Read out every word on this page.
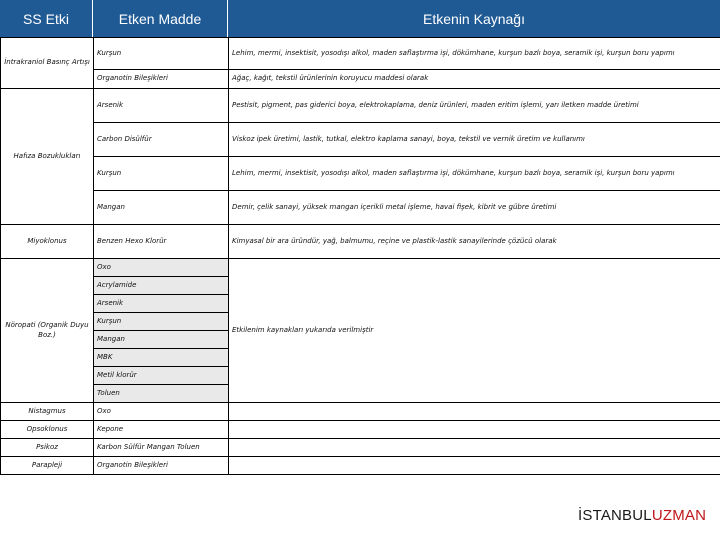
SS Etki	Etken Madde	Etkenin Kaynağı
İntrakraniol Basınç Artışı	Kurşun	Lehim, mermi, insektisit, yosodışı alkol, maden saflaştırma işi, dökümhane, kurşun bazlı boya, seramik işi, kurşun boru yapımı
	Organotin Bileşikleri	Ağaç, kağıt, tekstil ürünlerinin koruyucu maddesi olarak
Hafıza Bozuklukları	Arsenik	Pestisit, pigment, pas giderici boya, elektrokaplama, deniz ürünleri, maden eritim işlemi, yarı iletken madde üretimi
	Carbon Disülfür	Viskoz ipek üretimi, lastik, tutkal, elektro kaplama sanayi, boya, tekstil ve vernik üretim ve kullanımı
	Kurşun	Lehim, mermi, insektisit, yosodışı alkol, maden saflaştırma işi, dökümhane, kurşun bazlı boya, seramik işi, kurşun boru yapımı
	Mangan	Demir, çelik sanayi, yüksek mangan içerikli metal işleme, havai fişek, kibrit ve gübre üretimi
Miyoklonus	Benzen Hexo Klorür	Kimyasal bir ara üründür, yağ, balmumu, reçine ve plastik-lastik sanayilerinde çözücü olarak
Nöropati (Organik Duyu Boz.)	Oxo	Etkilenim kaynakları yukarıda verilmiştir
	Acrylamide	
	Arsenik	
	Kurşun	
	Mangan	
	MBK	
	Metil klorür	
	Toluen	
Nistagmus	Oxo	
Opsoklonus	Kepone	
Psikoz	Karbon Sülfür Mangan Toluen	
Parapleji	Organotin Bileşikleri	
İSTANBULUZMAN
